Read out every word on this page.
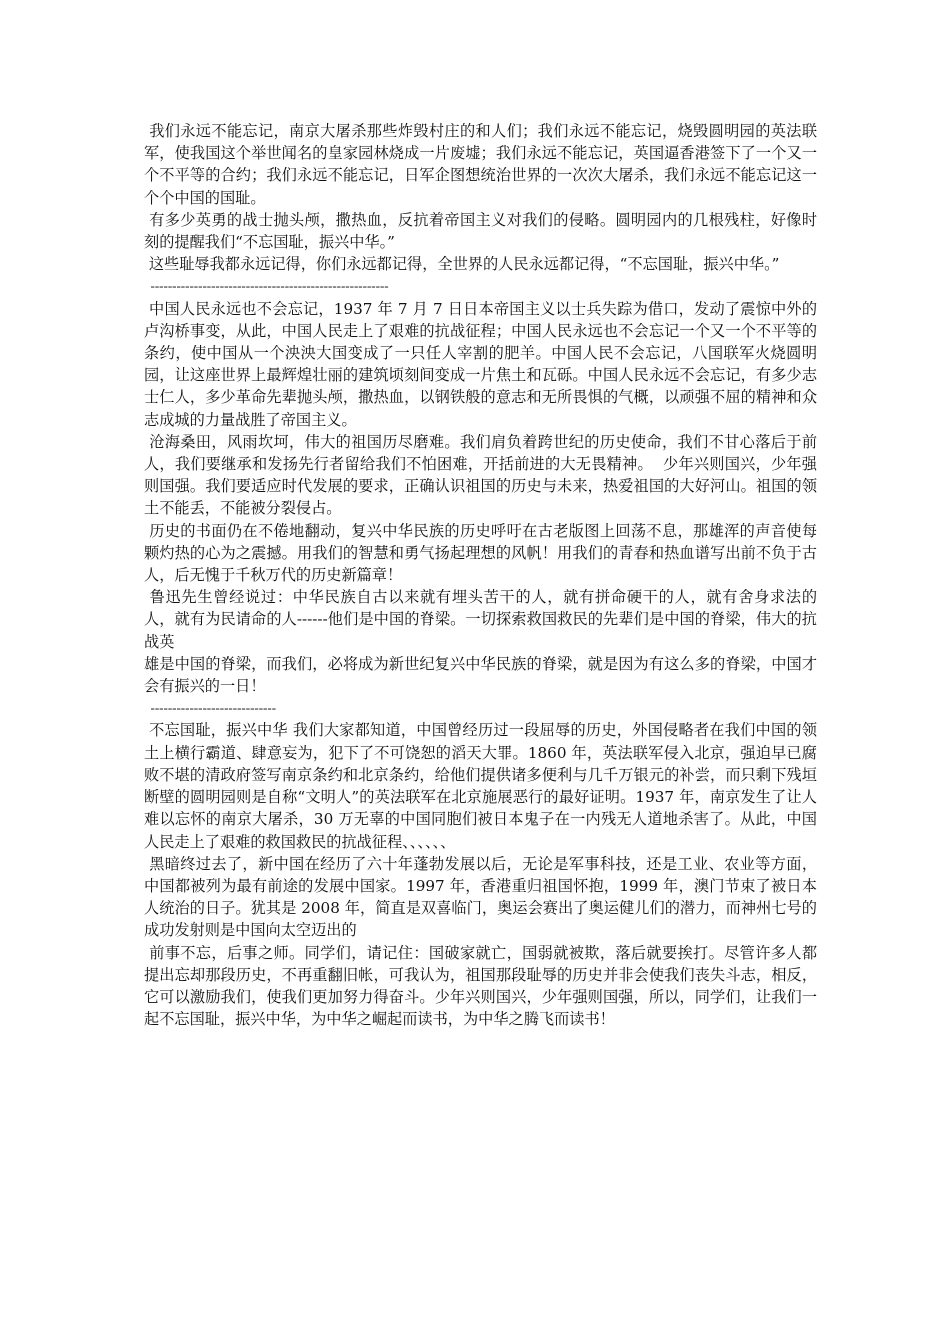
我们永远不能忘记，南京大屠杀那些炸毁村庄的和人们；我们永远不能忘记，烧毁圆明园的英法联军，使我国这个举世闻名的皇家园林烧成一片废墟；我们永远不能忘记，英国逼香港签下了一个又一个不平等的合约；我们永远不能忘记，日军企图想统治世界的一次次大屠杀，我们永远不能忘记这一个个中国的国耻。

有多少英勇的战士抛头颅，撒热血，反抗着帝国主义对我们的侵略。圆明园内的几根残柱，好像时刻的提醒我们“不忘国耻，振兴中华。”

这些耻辱我都永远记得，你们永远都记得，全世界的人民永远都记得，“不忘国耻，振兴中华。”

-------------------------------------------------------

中国人民永远也不会忘记，1937 年 7 月 7 日日本帝国主义以士兵失踪为借口，发动了震惊中外的卢沟桥事变，从此，中国人民走上了艰难的抗战征程；中国人民永远也不会忘记一个又一个不平等的条约，使中国从一个泱泱大国变成了一只任人宰割的肥羊。中国人民不会忘记，八国联军火烧圆明园，让这座世界上最辉煌壮丽的建筑顷刻间变成一片焦土和瓦砾。中国人民永远不会忘记，有多少志士仁人，多少革命先辈抛头颅，撒热血，以钢铁般的意志和无所畏惧的气概，以顽强不屈的精神和众志成城的力量战胜了帝国主义。

沧海桑田，风雨坎坷，伟大的祖国历尽磨难。我们肩负着跨世纪的历史使命，我们不甘心落后于前人，我们要继承和发扬先行者留给我们不怕困难，开括前进的大无畏精神。  少年兴则国兴，少年强则国强。我们要适应时代发展的要求，正确认识祖国的历史与未来，热爱祖国的大好河山。祖国的领土不能丢，不能被分裂侵占。

历史的书面仍在不倦地翻动，复兴中华民族的历史呼吁在古老版图上回荡不息，那雄浑的声音使每颗灼热的心为之震撼。用我们的智慧和勇气扬起理想的风帆！用我们的青春和热血谱写出前不负于古人，后无愧于千秋万代的历史新篇章！

鲁迅先生曾经说过：中华民族自古以来就有埋头苦干的人，就有拼命硬干的人，就有舍身求法的人，就有为民请命的人------他们是中国的脊梁。一切探索救国救民的先辈们是中国的脊梁，伟大的抗战英

雄是中国的脊梁，而我们，必将成为新世纪复兴中华民族的脊梁，就是因为有这么多的脊梁，中国才会有振兴的一日！

-----------------------------

不忘国耻，振兴中华 我们大家都知道，中国曾经历过一段屈辱的历史，外国侵略者在我们中国的领土上横行霸道、肆意妄为，犯下了不可饶恕的滔天大罪。1860 年，英法联军侵入北京，强迫早已腐败不堪的清政府签写南京条约和北京条约，给他们提供诸多便利与几千万银元的补尝，而只剩下残垣断壁的圆明园则是自称“文明人”的英法联军在北京施展恶行的最好证明。1937 年，南京发生了让人难以忘怀的南京大屠杀，30 万无辜的中国同胞们被日本鬼子在一内残无人道地杀害了。从此，中国人民走上了艰难的救国救民的抗战征程、、、、、、

黑暗终过去了，新中国在经历了六十年蓬勃发展以后，无论是军事科技，还是工业、农业等方面，中国都被列为最有前途的发展中国家。1997 年，香港重归祖国怀抱，1999 年，澳门节束了被日本人统治的日子。犹其是 2008 年，简直是双喜临门，奥运会赛出了奥运健儿们的潜力，而神州七号的成功发射则是中国向太空迈出的

前事不忘，后事之师。同学们，请记住：国破家就亡，国弱就被欺，落后就要挨打。尽管许多人都提出忘却那段历史，不再重翻旧帐，可我认为，祖国那段耻辱的历史并非会使我们丧失斗志，相反，它可以激励我们，使我们更加努力得奋斗。少年兴则国兴，少年强则国强，所以，同学们，让我们一起不忘国耻，振兴中华，为中华之崛起而读书，为中华之腾飞而读书！
